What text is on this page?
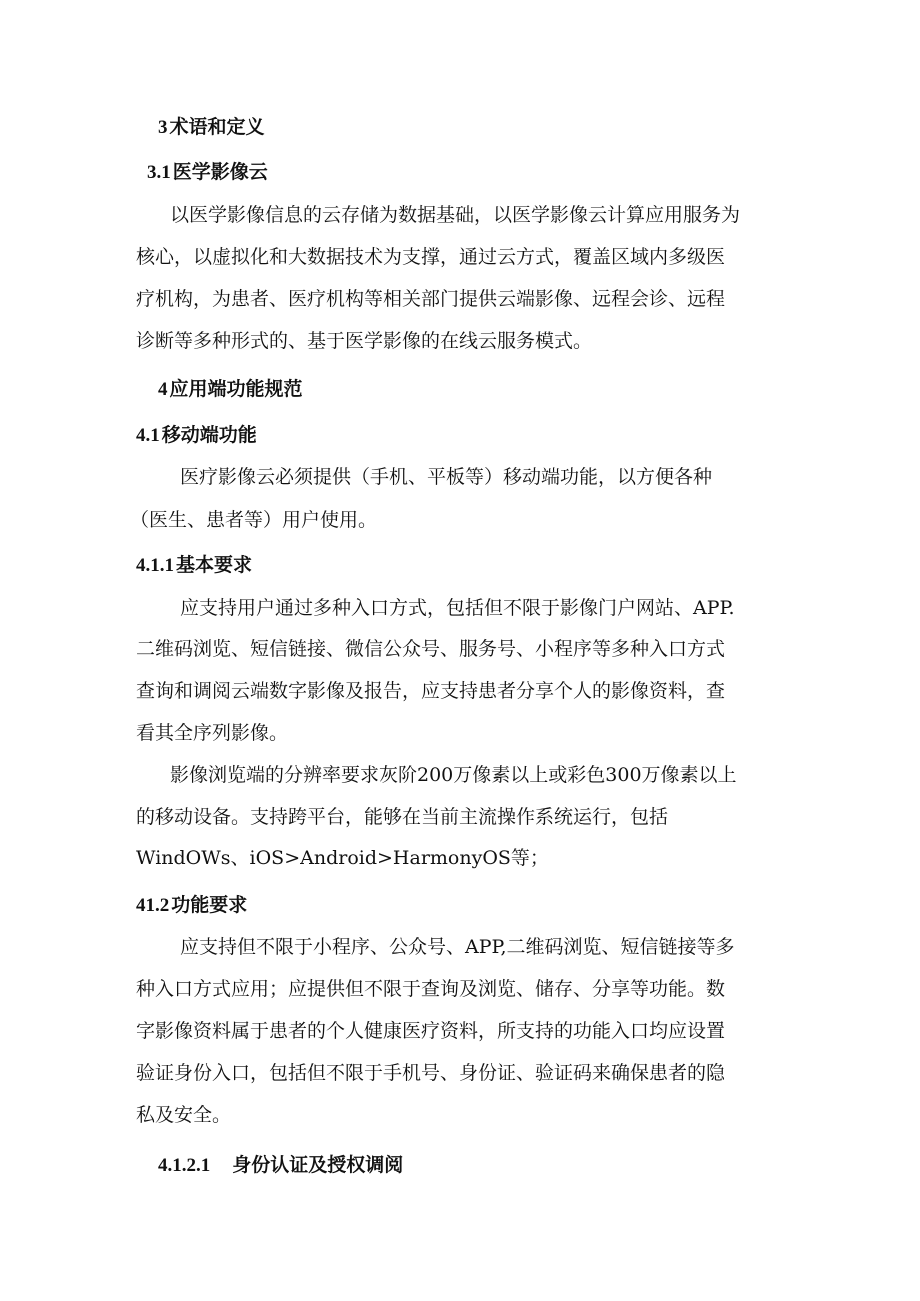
3 术语和定义
3.1 医学影像云
以医学影像信息的云存储为数据基础，以医学影像云计算应用服务为
核心，以虚拟化和大数据技术为支撑，通过云方式，覆盖区域内多级医
疗机构，为患者、医疗机构等相关部门提供云端影像、远程会诊、远程
诊断等多种形式的、基于医学影像的在线云服务模式。
4 应用端功能规范
4.1 移动端功能
医疗影像云必须提供（手机、平板等）移动端功能，以方便各种
（医生、患者等）用户使用。
4.1.1 基本要求
应支持用户通过多种入口方式，包括但不限于影像门户网站、APP.
二维码浏览、短信链接、微信公众号、服务号、小程序等多种入口方式
查询和调阅云端数字影像及报告，应支持患者分享个人的影像资料，查
看其全序列影像。
影像浏览端的分辨率要求灰阶200万像素以上或彩色300万像素以上
的移动设备。支持跨平台，能够在当前主流操作系统运行，包括
WindOWs、iOS>Android>HarmonyOS等；
41.2 功能要求
应支持但不限于小程序、公众号、APP,二维码浏览、短信链接等多
种入口方式应用；应提供但不限于查询及浏览、储存、分享等功能。数
字影像资料属于患者的个人健康医疗资料，所支持的功能入口均应设置
验证身份入口，包括但不限于手机号、身份证、验证码来确保患者的隐
私及安全。
4.1.2.1 身份认证及授权调阅
